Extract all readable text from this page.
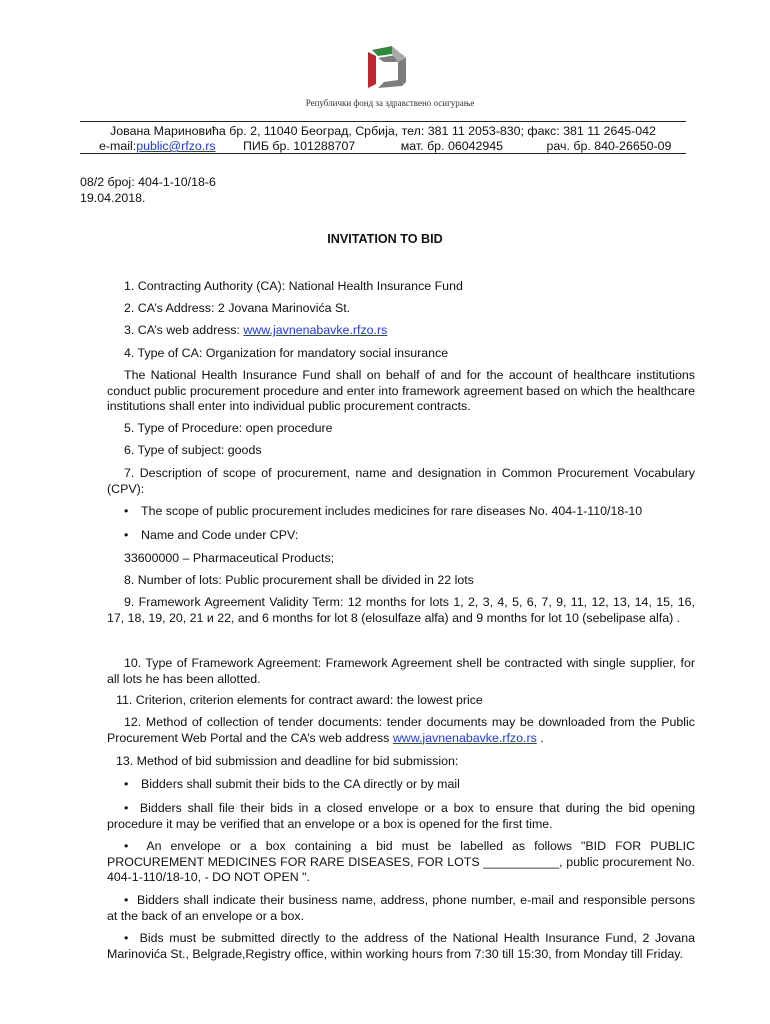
Републички фонд за здравствено осигурање
Јована Мариновића бр. 2, 11040 Београд, Србија, тел: 381 11 2053-830; факс: 381 11 2645-042
e-mail:public@rfzo.rs ПИБ бр. 101288707	мат. бр. 06042945	рач. бр. 840-26650-09
08/2 број: 404-1-10/18-6
19.04.2018.
INVITATION TO BID
1. Contracting Authority (CA): National Health Insurance Fund
2. CA’s Address: 2 Jovana Marinovića St.
3. CA’s web address: www.javnenabavke.rfzo.rs
4. Type of CA: Organization for mandatory social insurance
The National Health Insurance Fund shall on behalf of and for the account of healthcare institutions conduct public procurement procedure and enter into framework agreement based on which the healthcare institutions shall enter into individual public procurement contracts.
5. Type of Procedure: open procedure
6. Type of subject: goods
7. Description of scope of procurement, name and designation in Common Procurement Vocabulary (CPV):
• The scope of public procurement includes medicines for rare diseases No. 404-1-110/18-10
• Name and Code under CPV:
33600000 – Pharmaceutical Products;
8. Number of lots: Public procurement shall be divided in 22 lots
9. Framework Agreement Validity Term: 12 months for lots 1, 2, 3, 4, 5, 6, 7, 9, 11, 12, 13, 14, 15, 16, 17, 18, 19, 20, 21 и 22, and 6 months for lot 8 (elosulfaze alfa) and 9 months for lot 10 (sebelipase alfa) .
10. Type of Framework Agreement: Framework Agreement shell be contracted with single supplier, for all lots he has been allotted.
11. Criterion, criterion elements for contract award: the lowest price
12. Method of collection of tender documents: tender documents may be downloaded from the Public Procurement Web Portal and the CA’s web address www.javnenabavke.rfzo.rs .
13. Method of bid submission and deadline for bid submission:
• Bidders shall submit their bids to the CA directly or by mail
•  Bidders shall file their bids in a closed envelope or a box to ensure that during the bid opening procedure it may be verified that an envelope or a box is opened for the first time.
•  An envelope or a box containing a bid must be labelled as follows "BID FOR PUBLIC PROCUREMENT MEDICINES FOR RARE DISEASES, FOR LOTS ___________, public procurement No. 404-1-110/18-10, - DO NOT OPEN ".
•  Bidders shall indicate their business name, address, phone number, e-mail and responsible persons at the back of an envelope or a box.
•  Bids must be submitted directly to the address of the National Health Insurance Fund, 2 Jovana Marinovića St., Belgrade,Registry office, within working hours from 7:30 till 15:30, from Monday till Friday.
